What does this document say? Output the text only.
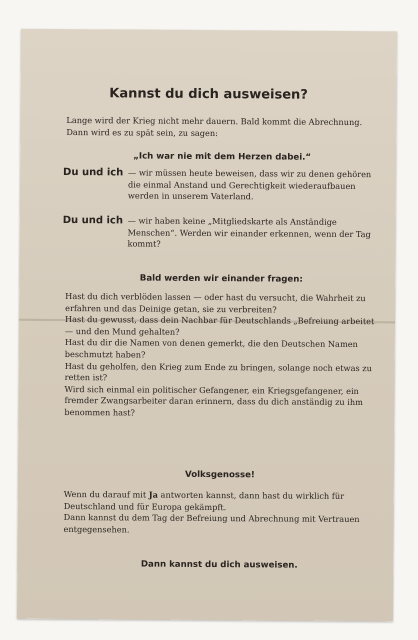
Kannst du dich ausweisen?

Lange wird der Krieg nicht mehr dauern. Bald kommt die Abrechnung. Dann wird es zu spät sein, zu sagen:

„Ich war nie mit dem Herzen dabei.“

Du und ich — wir müssen heute beweisen, dass wir zu denen gehören die einmal Anstand und Gerechtigkeit wiederaufbauen werden in unserem Vaterland.
Du und ich — wir haben keine „Mitgliedskarte als Anständige Menschen“. Werden wir einander erkennen, wenn der Tag kommt?

Bald werden wir einander fragen:

Hast du dich verblöden lassen — oder hast du versucht, die Wahrheit zu erfahren und das Deinige getan, sie zu verbreiten?

Hast du gewusst, dass dein Nachbar für Deutschlands „Befreiung arbeitet — und den Mund gehalten?

Hast du dir die Namen von denen gemerkt, die den Deutschen Namen beschmutzt haben?

Hast du geholfen, den Krieg zum Ende zu bringen, solange noch etwas zu retten ist?

Wird sich einmal ein politischer Gefangener, ein Kriegsgefangener, ein fremder Zwangsarbeiter daran erinnern, dass du dich anständig zu ihm benommen hast?

Volksgenosse!

Wenn du darauf mit Ja antworten kannst, dann hast du wirklich für Deutschland und für Europa gekämpft.

Dann kannst du dem Tag der Befreiung und Abrechnung mit Vertrauen entgegensehen.

Dann kannst du dich ausweisen.
